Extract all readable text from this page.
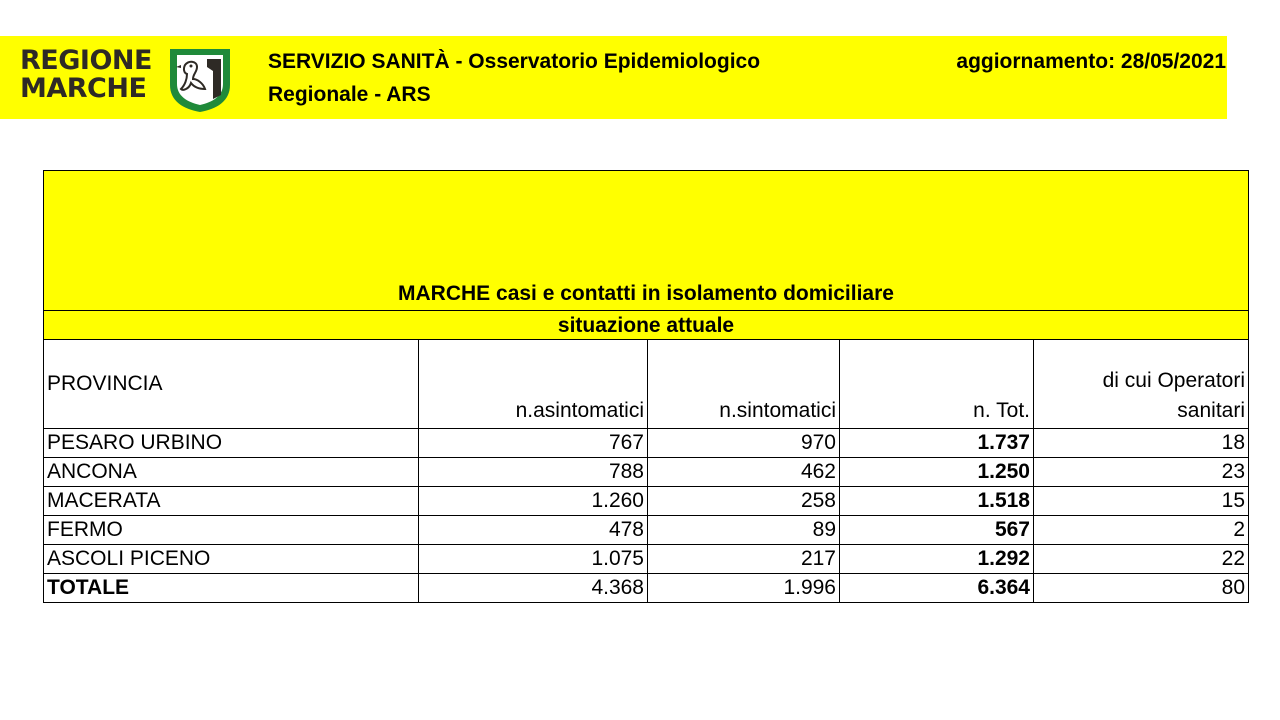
REGIONE
MARCHE
SERVIZIO SANITÀ - Osservatorio Epidemiologico
Regionale - ARS
aggiornamento: 28/05/2021
MARCHE casi e contatti in isolamento domiciliare				
situazione attuale				
PROVINCIA	n.asintomatici	n.sintomatici	n. Tot.	di cui Operatori sanitari
PESARO URBINO	767	970	1.737	18
ANCONA	788	462	1.250	23
MACERATA	1.260	258	1.518	15
FERMO	478	89	567	2
ASCOLI PICENO	1.075	217	1.292	22
TOTALE	4.368	1.996	6.364	80
